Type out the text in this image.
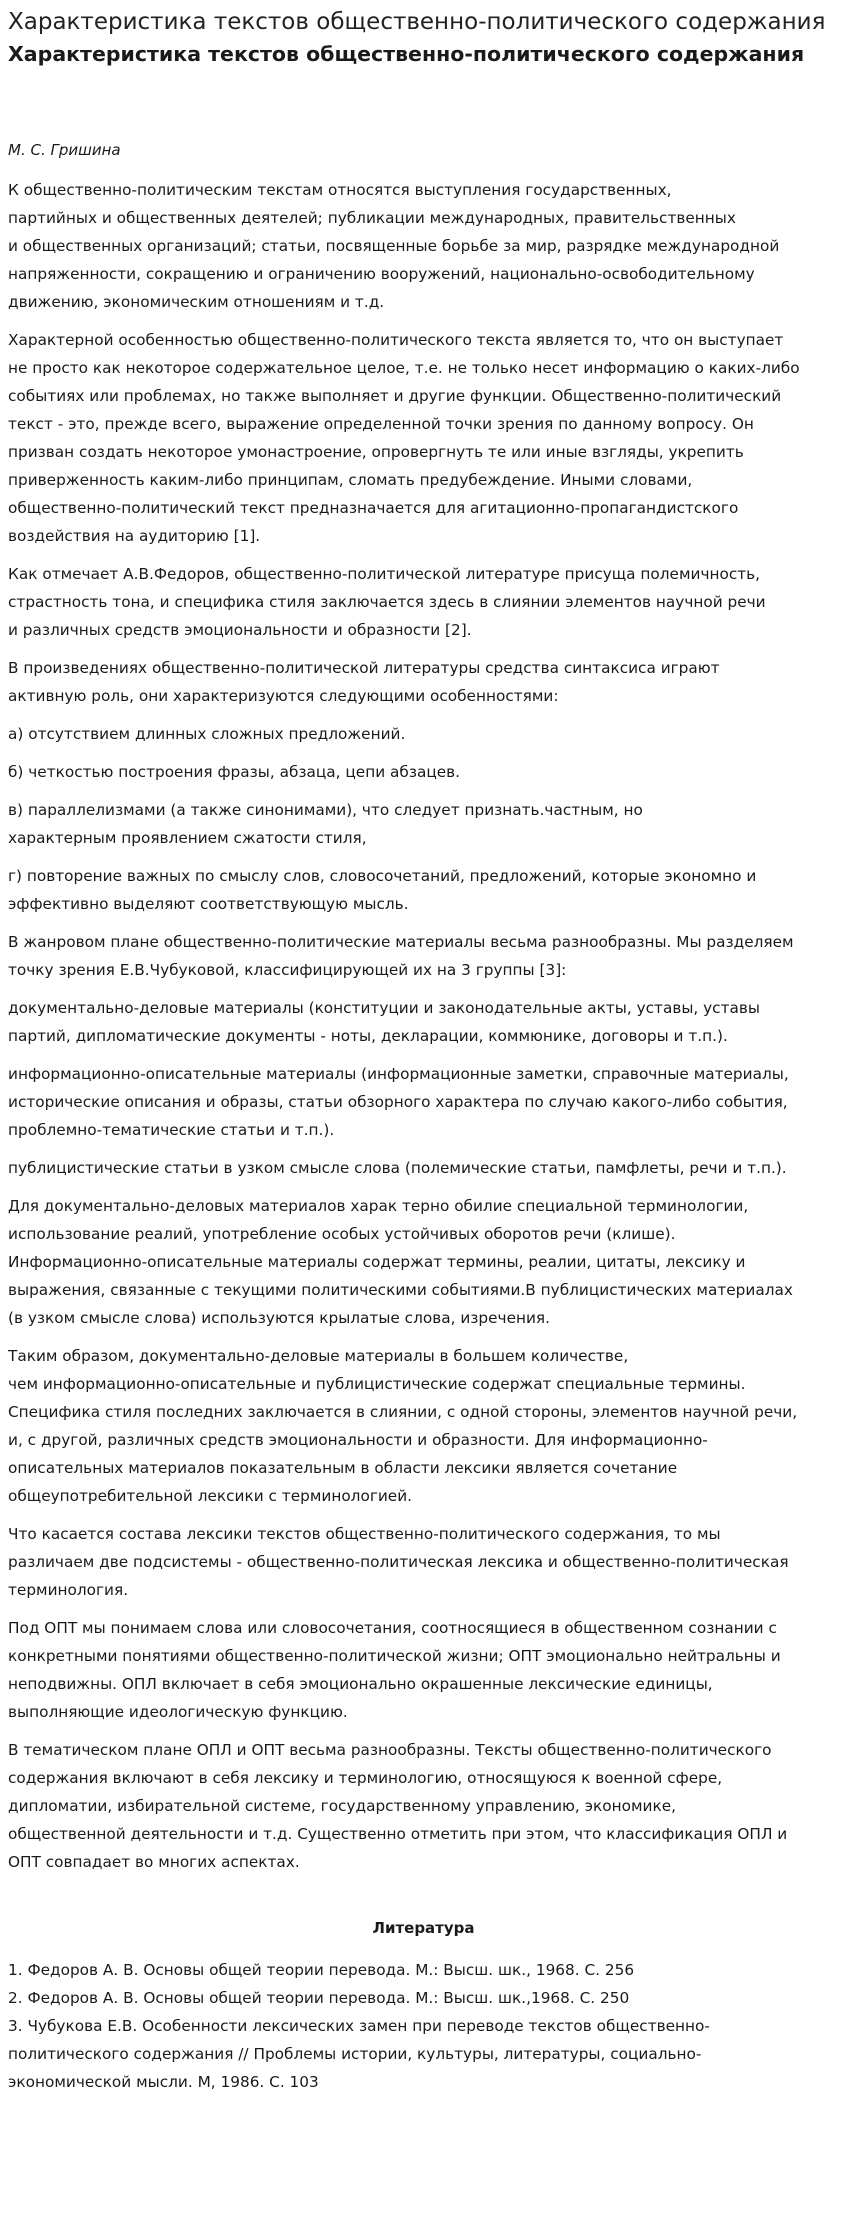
Характеристика текстов общественно-политического содержания
Характеристика текстов общественно-политического содержания
М. С. Гришина

К общественно-политическим текстам относятся выступления государственных,
партийных и общественных деятелей; публикации международных, правительственных
и общественных организаций; статьи, посвященные борьбе за мир, разрядке международной
напряженности, сокращению и ограничению вооружений, национально-освободительному
движению, экономическим отношениям и т.д.

Характерной особенностью общественно-политического текста является то, что он выступает
не просто как некоторое содержательное целое, т.е. не только несет информацию о каких-либо
событиях или проблемах, но также выполняет и другие функции. Общественно-политический
текст - это, прежде всего, выражение определенной точки зрения по данному вопросу. Он
призван создать некоторое умонастроение, опровергнуть те или иные взгляды, укрепить
приверженность каким-либо принципам, сломать предубеждение. Иными словами,
общественно-политический текст предназначается для агитационно-пропагандистского
воздействия на аудиторию [1].

Как отмечает А.В.Федоров, общественно-политической литературе присуща полемичность,
страстность тона, и специфика стиля заключается здесь в слиянии элементов научной речи
и различных средств эмоциональности и образности [2].

В произведениях общественно-политической литературы средства синтаксиса играют
активную роль, они характеризуются следующими особенностями:

а) отсутствием длинных сложных предложений.

б) четкостью построения фразы, абзаца, цепи абзацев.

в) параллелизмами (а также синонимами), что следует признать.частным, но
характерным проявлением сжатости стиля,

г) повторение важных по смыслу слов, словосочетаний, предложений, которые экономно и
эффективно выделяют соответствующую мысль.

В жанровом плане общественно-политические материалы весьма разнообразны. Мы разделяем
точку зрения Е.В.Чубуковой, классифицирующей их на 3 группы [3]:

документально-деловые материалы (конституции и законодательные акты, уставы, уставы
партий, дипломатические документы - ноты, декларации, коммюнике, договоры и т.п.).

информационно-описательные материалы (информационные заметки, справочные материалы,
исторические описания и образы, статьи обзорного характера по случаю какого-либо события,
проблемно-тематические статьи и т.п.).

публицистические статьи в узком смысле слова (полемические статьи, памфлеты, речи и т.п.).

Для документально-деловых материалов харак терно обилие специальной терминологии,
использование реалий, употребление особых устойчивых оборотов речи (клише).
Информационно-описательные материалы содержат термины, реалии, цитаты, лексику и
выражения, связанные с текущими политическими событиями.В публицистических материалах
(в узком смысле слова) используются крылатые слова, изречения.

Таким образом, документально-деловые материалы в большем количестве,
чем информационно-описательные и публицистические содержат специальные термины.
Специфика стиля последних заключается в слиянии, с одной стороны, элементов научной речи,
и, с другой, различных средств эмоциональности и образности. Для информационно-
описательных материалов показательным в области лексики является сочетание
общеупотребительной лексики с терминологией.

Что касается состава лексики текстов общественно-политического содержания, то мы
различаем две подсистемы - общественно-политическая лексика и общественно-политическая
терминология.

Под ОПТ мы понимаем слова или словосочетания, соотносящиеся в общественном сознании с
конкретными понятиями общественно-политической жизни; ОПТ эмоционально нейтральны и
неподвижны. ОПЛ включает в себя эмоционально окрашенные лексические единицы,
выполняющие идеологическую функцию.

В тематическом плане ОПЛ и ОПТ весьма разнообразны. Тексты общественно-политического
содержания включают в себя лексику и терминологию, относящуюся к военной сфере,
дипломатии, избирательной системе, государственному управлению, экономике,
общественной деятельности и т.д. Существенно отметить при этом, что классификация ОПЛ и
ОПТ совпадает во многих аспектах.

Литература
1. Федоров А. В. Основы общей теории перевода. М.: Высш. шк., 1968. С. 256
2. Федоров А. В. Основы общей теории перевода. М.: Высш. шк.,1968. С. 250
3. Чубукова Е.В. Особенности лексических замен при переводе текстов общественно-
политического содержания // Проблемы истории, культуры, литературы, социально-
экономической мысли. М, 1986. С. 103
